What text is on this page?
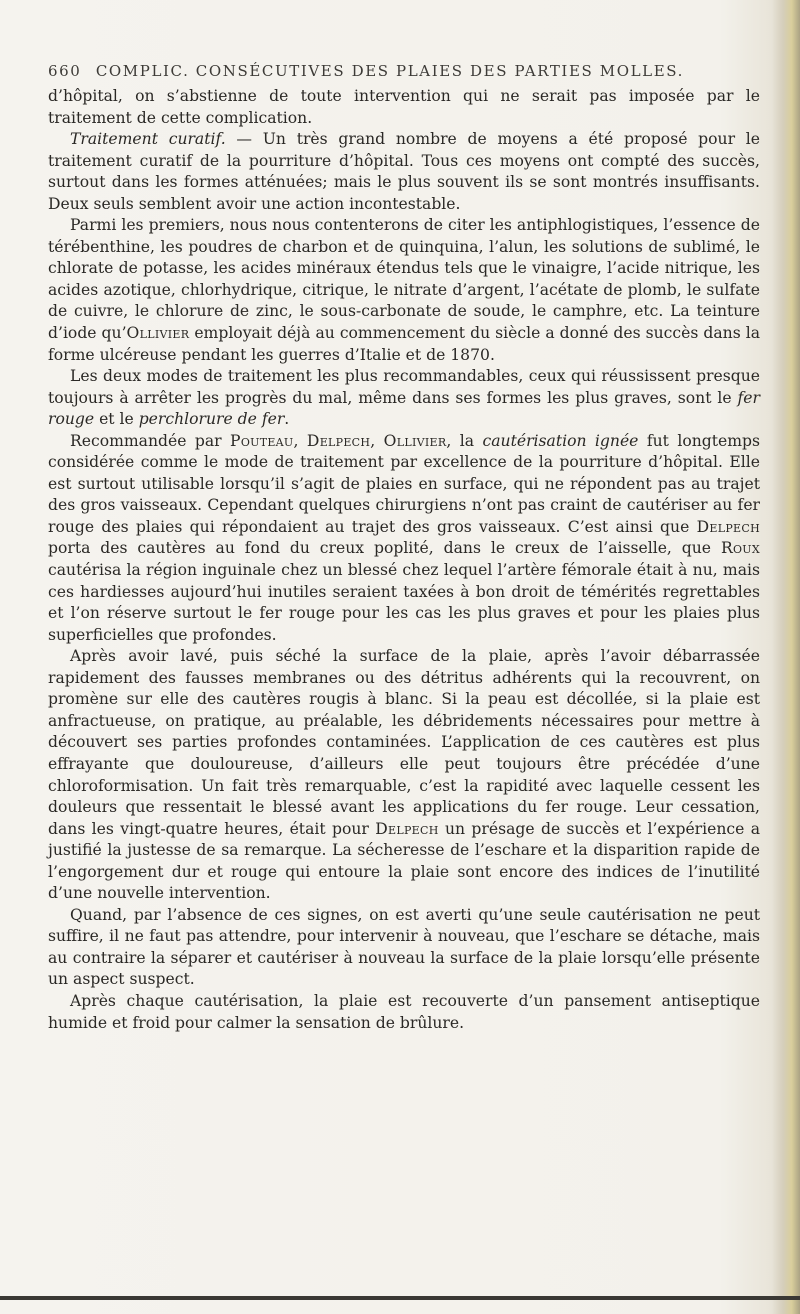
660 COMPLIC. CONSÉCUTIVES DES PLAIES DES PARTIES MOLLES.

d’hôpital, on s’abstienne de toute intervention qui ne serait pas imposée par le traitement de cette complication.

Traitement curatif. — Un très grand nombre de moyens a été proposé pour le traitement curatif de la pourriture d’hôpital. Tous ces moyens ont compté des succès, surtout dans les formes atténuées; mais le plus souvent ils se sont montrés insuffisants. Deux seuls semblent avoir une action incontestable.

Parmi les premiers, nous nous contenterons de citer les antiphlogistiques, l’essence de térébenthine, les poudres de charbon et de quinquina, l’alun, les solutions de sublimé, le chlorate de potasse, les acides minéraux étendus tels que le vinaigre, l’acide nitrique, les acides azotique, chlorhydrique, citrique, le nitrate d’argent, l’acétate de plomb, le sulfate de cuivre, le chlorure de zinc, le sous-carbonate de soude, le camphre, etc. La teinture d’iode qu’Ollivier employait déjà au commencement du siècle a donné des succès dans la forme ulcéreuse pendant les guerres d’Italie et de 1870.

Les deux modes de traitement les plus recommandables, ceux qui réussissent presque toujours à arrêter les progrès du mal, même dans ses formes les plus graves, sont le fer rouge et le perchlorure de fer.

Recommandée par Pouteau, Delpech, Ollivier, la cautérisation ignée fut longtemps considérée comme le mode de traitement par excellence de la pourriture d’hôpital. Elle est surtout utilisable lorsqu’il s’agit de plaies en surface, qui ne répondent pas au trajet des gros vaisseaux. Cependant quelques chirurgiens n’ont pas craint de cautériser au fer rouge des plaies qui répondaient au trajet des gros vaisseaux. C’est ainsi que Delpech porta des cautères au fond du creux poplité, dans le creux de l’aisselle, que Roux cautérisa la région inguinale chez un blessé chez lequel l’artère fémorale était à nu, mais ces hardiesses aujourd’hui inutiles seraient taxées à bon droit de témérités regrettables et l’on réserve surtout le fer rouge pour les cas les plus graves et pour les plaies plus superficielles que profondes.

Après avoir lavé, puis séché la surface de la plaie, après l’avoir débarrassée rapidement des fausses membranes ou des détritus adhérents qui la recouvrent, on promène sur elle des cautères rougis à blanc. Si la peau est décollée, si la plaie est anfractueuse, on pratique, au préalable, les débridements nécessaires pour mettre à découvert ses parties profondes contaminées. L’application de ces cautères est plus effrayante que douloureuse, d’ailleurs elle peut toujours être précédée d’une chloroformisation. Un fait très remarquable, c’est la rapidité avec laquelle cessent les douleurs que ressentait le blessé avant les applications du fer rouge. Leur cessation, dans les vingt-quatre heures, était pour Delpech un présage de succès et l’expérience a justifié la justesse de sa remarque. La sécheresse de l’eschare et la disparition rapide de l’engorgement dur et rouge qui entoure la plaie sont encore des indices de l’inutilité d’une nouvelle intervention.

Quand, par l’absence de ces signes, on est averti qu’une seule cautérisation ne peut suffire, il ne faut pas attendre, pour intervenir à nouveau, que l’eschare se détache, mais au contraire la séparer et cautériser à nouveau la surface de la plaie lorsqu’elle présente un aspect suspect.

Après chaque cautérisation, la plaie est recouverte d’un pansement antiseptique humide et froid pour calmer la sensation de brûlure.
